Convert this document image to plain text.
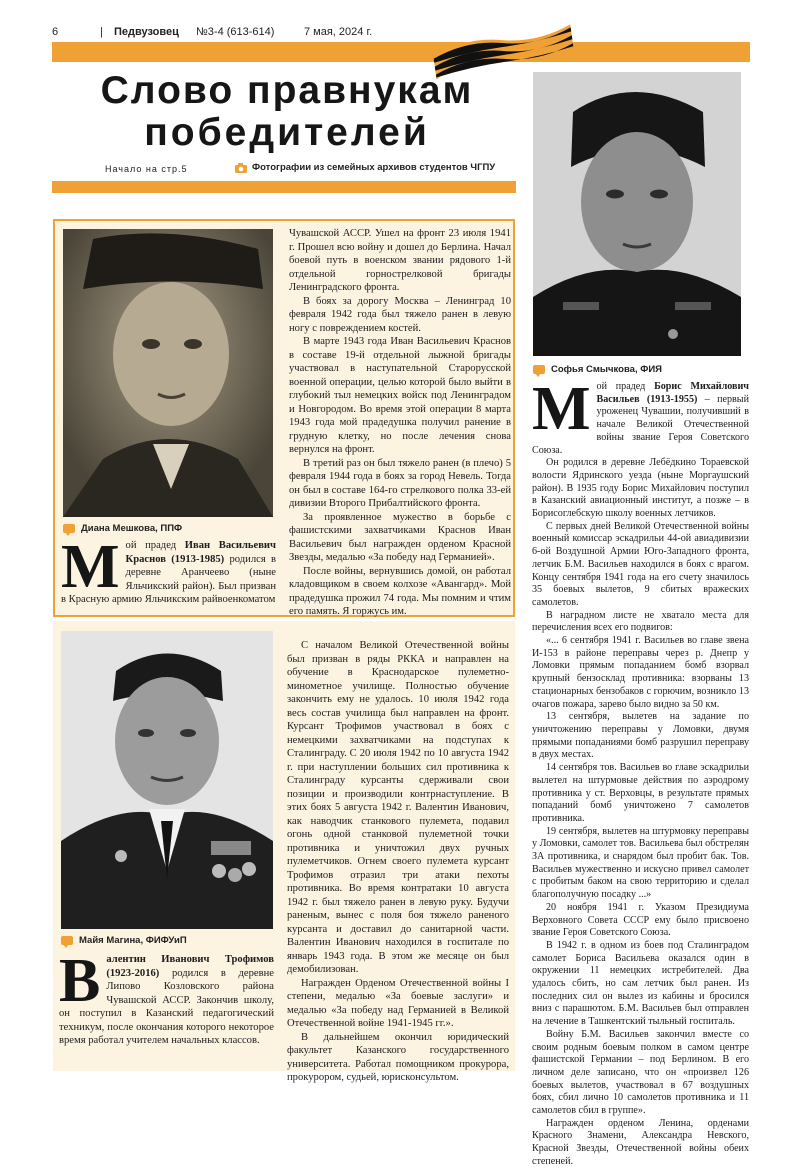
6	| Педвузовец №3-4 (613-614)	7 мая, 2024 г.
Слово правнукам
победителей
Начало на стр.5	Фотографии из семейных архивов студентов ЧГПУ
Диана Мешкова, ППФ

Мой прадед Иван Васильевич Краснов (1913-1985) родился в деревне Аранчеево (ныне Яльчикский район). Был призван в Красную армию Яльчикским райвоенкоматом

Чувашской АССР. Ушел на фронт 23 июля 1941 г. Прошел всю войну и дошел до Берлина. Начал боевой путь в военском звании рядового 1-й отдельной горнострелковой бригады Ленинградского фронта.

В боях за дорогу Москва – Ленинград 10 февраля 1942 года был тяжело ранен в левую ногу с повреждением костей.

В марте 1943 года Иван Васильевич Краснов в составе 19-й отдельной лыжной бригады участвовал в наступательной Старорусской военной операции, целью которой было выйти в глубокий тыл немецких войск под Ленинградом и Новгородом. Во время этой операции 8 марта 1943 года мой прадедушка получил ранение в грудную клетку, но после лечения снова вернулся на фронт.

В третий раз он был тяжело ранен (в плечо) 5 февраля 1944 года в боях за город Невель. Тогда он был в составе 164-го стрелкового полка 33-ей дивизии Второго Прибалтийского фронта.

За проявленное мужество в борьбе с фашистскими захватчиками Краснов Иван Васильевич был награжден орденом Красной Звезды, медалью «За победу над Германией».

После войны, вернувшись домой, он работал кладовщиком в своем колхозе «Авангард». Мой прадедушка прожил 74 года. Мы помним и чтим его память. Я горжусь им.

Майя Магина, ФИФУиП

Валентин Иванович Трофимов (1923-2016) родился в деревне Липово Козловского района Чувашской АССР. Закончив школу, он поступил в Казанский педагогический техникум, после окончания которого некоторое время работал учителем начальных классов.

С началом Великой Отечественной войны был призван в ряды РККА и направлен на обучение в Краснодарское пулеметно-минометное училище. Полностью обучение закончить ему не удалось. 10 июля 1942 года весь состав училища был направлен на фронт. Курсант Трофимов участвовал в боях с немецкими захватчиками на подступах к Сталинграду. С 20 июля 1942 по 10 августа 1942 г. при наступлении больших сил противника к Сталинграду курсанты сдерживали свои позиции и производили контрнаступление. В этих боях 5 августа 1942 г. Валентин Иванович, как наводчик станкового пулемета, подавил огонь одной станковой пулеметной точки противника и уничтожил двух ручных пулеметчиков. Огнем своего пулемета курсант Трофимов отразил три атаки пехоты противника. Во время контратаки 10 августа 1942 г. был тяжело ранен в левую руку. Будучи раненым, вынес с поля боя тяжело раненого курсанта и доставил до санитарной части. Валентин Иванович находился в госпитале по январь 1943 года. В этом же месяце он был демобилизован.

Награжден Орденом Отечественной войны I степени, медалью «За боевые заслуги» и медалью «За победу над Германией в Великой Отечественной войне 1941-1945 гг.».

В дальнейшем окончил юридический факультет Казанского государственного университета. Работал помощником прокурора, прокурором, судьей, юрисконсультом.

Софья Смычкова, ФИЯ

Мой прадед Борис Михайлович Васильев (1913-1955) – первый уроженец Чувашии, получивший в начале Великой Отечественной войны звание Героя Советского Союза.

Он родился в деревне Лебёдкино Тораевской волости Ядринского уезда (ныне Моргаушский район). В 1935 году Борис Михайлович поступил в Казанский авиационный институт, а позже – в Борисоглебскую школу военных летчиков.

С первых дней Великой Отечественной войны военный комиссар эскадрильи 44-ой авиадивизии 6-ой Воздушной Армии Юго-Западного фронта, летчик Б.М. Васильев находился в боях с врагом. Концу сентября 1941 года на его счету значилось 35 боевых вылетов, 9 сбитых вражеских самолетов.

В наградном листе не хватало места для перечисления всех его подвигов:

«... 6 сентября 1941 г. Васильев во главе звена И-153 в районе переправы через р. Днепр у Ломовки прямым попаданием бомб взорвал крупный бензосклад противника: взорваны 13 стационарных бензобаков с горючим, возникло 13 очагов пожара, зарево было видно за 50 км.

13 сентября, вылетев на задание по уничтожению переправы у Ломовки, двумя прямыми попаданиями бомб разрушил переправу в двух местах.

14 сентября тов. Васильев во главе эскадрильи вылетел на штурмовые действия по аэродрому противника у ст. Верховцы, в результате прямых попаданий бомб уничтожено 7 самолетов противника.

19 сентября, вылетев на штурмовку переправы у Ломовки, самолет тов. Васильева был обстрелян ЗА противника, и снарядом был пробит бак. Тов. Васильев мужественно и искусно привел самолет с пробитым баком на свою территорию и сделал благополучную посадку ...»

20 ноября 1941 г. Указом Президиума Верховного Совета СССР ему было присвоено звание Героя Советского Союза.

В 1942 г. в одном из боев под Сталинградом самолет Бориса Васильева оказался один в окружении 11 немецких истребителей. Два удалось сбить, но сам летчик был ранен. Из последних сил он вылез из кабины и бросился вниз с парашютом. Б.М. Васильев был отправлен на лечение в Ташкентский тыльный госпиталь.

Войну Б.М. Васильев закончил вместе со своим родным боевым полком в самом центре фашистской Германии – под Берлином. В его личном деле записано, что он «произвел 126 боевых вылетов, участвовал в 67 воздушных боях, сбил лично 10 самолетов противника и 11 самолетов сбил в группе».

Награжден орденом Ленина, орденами Красного Знамени, Александра Невского, Красной Звезды, Отечественной войны обеих степеней.
